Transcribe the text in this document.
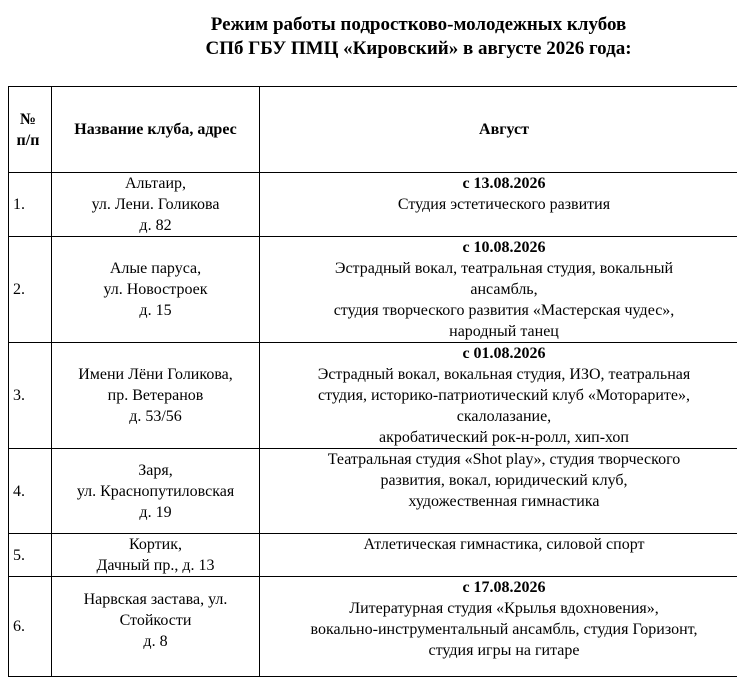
Режим работы подростково-молодежных клубов
СПб ГБУ ПМЦ «Кировский» в августе 2026 года:
№
п/п	Название клуба, адрес	Август
1.	Альтаир,
ул. Лени. Голикова
д. 82	с 13.08.2026
Студия эстетического развития

2.	Алые паруса,
ул. Новостроек
д. 15	с 10.08.2026
Эстрадный вокал, театральная студия, вокальный
ансамбль,
студия творческого развития «Мастерская чудес»,
народный танец

3.	Имени Лёни Голикова,
пр. Ветеранов
д. 53/56	с 01.08.2026
Эстрадный вокал, вокальная студия, ИЗО, театральная
студия, историко-патриотический клуб «Моторарите»,
скалолазание,
акробатический рок-н-ролл, хип-хоп

4.	Заря,
ул. Краснопутиловская
д. 19	Театральная студия «Shot play», студия творческого
развития, вокал, юридический клуб,
художественная гимнастика

5.	Кортик,
Дачный пр., д. 13	Атлетическая гимнастика, силовой спорт

6.	Нарвская застава, ул.
Стойкости
д. 8	с 17.08.2026
Литературная студия «Крылья вдохновения»,
вокально-инструментальный ансамбль, студия Горизонт,
студия игры на гитаре
